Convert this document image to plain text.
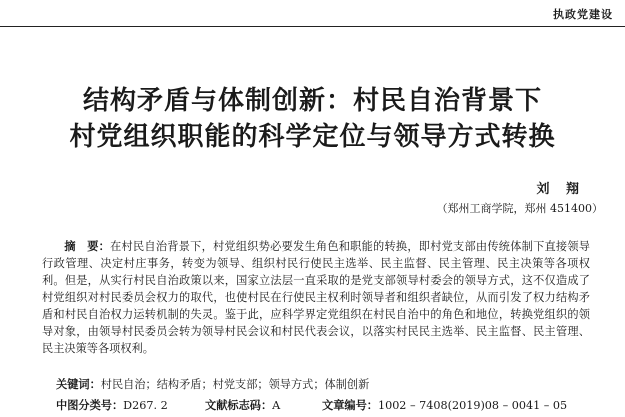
执政党建设
结构矛盾与体制创新：村民自治背景下
村党组织职能的科学定位与领导方式转换
刘 翔
（郑州工商学院，郑州 451400）

摘　要：在村民自治背景下，村党组织势必要发生角色和职能的转换，即村党支部由传统体制下直接领导行政管理、决定村庄事务，转变为领导、组织村民行使民主选举、民主监督、民主管理、民主决策等各项权利。但是，从实行村民自治政策以来，国家立法层一直采取的是党支部领导村委会的领导方式，这不仅造成了村党组织对村民委员会权力的取代，也使村民在行使民主权利时领导者和组织者缺位，从而引发了权力结构矛盾和村民自治权力运转机制的失灵。鉴于此，应科学界定党组织在村民自治中的角色和地位，转换党组织的领导对象，由领导村民委员会转为领导村民会议和村民代表会议，以落实村民民主选举、民主监督、民主管理、民主决策等各项权利。

关键词：村民自治；结构矛盾；村党支部；领导方式；体制创新
中图分类号：D267. 2	文献标志码：A	文章编号：1002 – 7408(2019)08 – 0041 – 05
